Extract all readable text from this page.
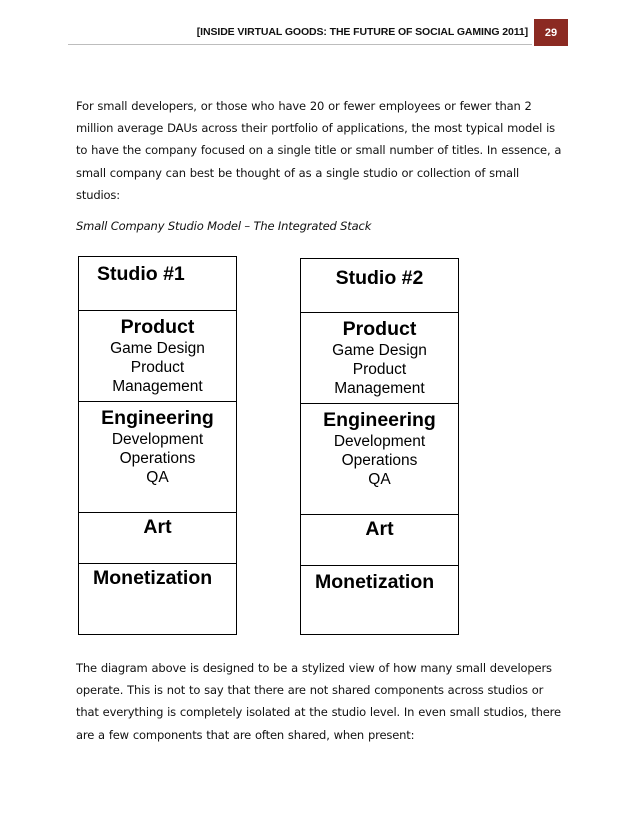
[INSIDE VIRTUAL GOODS: THE FUTURE OF SOCIAL GAMING 2011]	29

For small developers, or those who have 20 or fewer employees or fewer than 2 million average DAUs across their portfolio of applications, the most typical model is to have the company focused on a single title or small number of titles. In essence, a small company can best be thought of as a single studio or collection of small studios:

Small Company Studio Model – The Integrated Stack
Studio #1
Product
Game Design
Product
Management
Engineering
Development
Operations
QA
Art
Monetization
Studio #2
Product
Game Design
Product
Management
Engineering
Development
Operations
QA
Art
Monetization

The diagram above is designed to be a stylized view of how many small developers operate. This is not to say that there are not shared components across studios or that everything is completely isolated at the studio level. In even small studios, there are a few components that are often shared, when present:
